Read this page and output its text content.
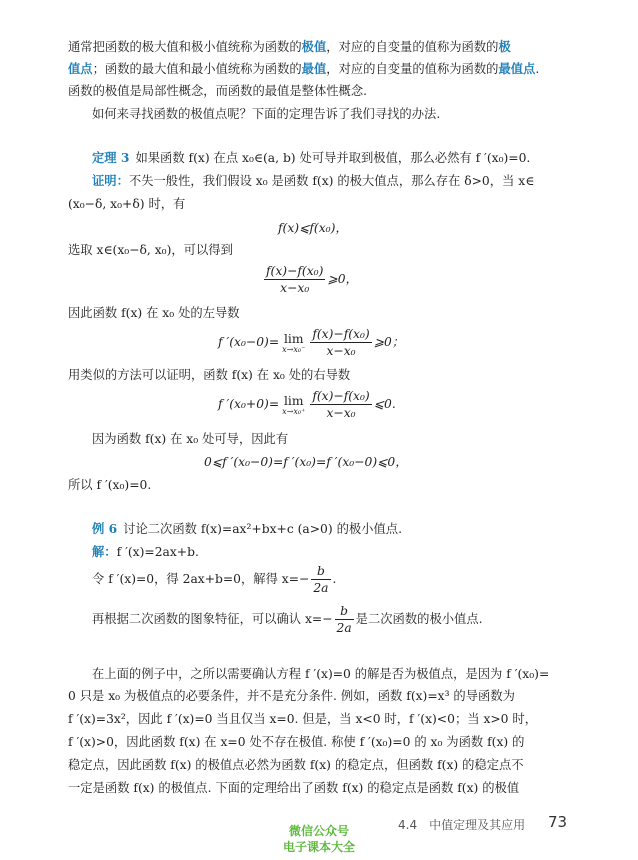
通常把函数的极大值和极小值统称为函数的极值，对应的自变量的值称为函数的极
值点；函数的最大值和最小值统称为函数的最值，对应的自变量的值称为函数的最值点.
函数的极值是局部性概念，而函数的最值是整体性概念.
如何来寻找函数的极值点呢？下面的定理告诉了我们寻找的办法.
定理 3 如果函数 f(x) 在点 x₀∈(a, b) 处可导并取到极值，那么必然有 f ′(x₀)=0.
证明：不失一般性，我们假设 x₀ 是函数 f(x) 的极大值点，那么存在 δ>0，当 x∈
(x₀−δ, x₀+δ) 时，有
f(x)⩽f(x₀)，
选取 x∈(x₀−δ, x₀)，可以得到
$\frac{\text{f(x)−f(x₀)}}{\text{x−x₀}}$ ⩾0，
因此函数 f(x) 在 x₀ 处的左导数
f ′(x₀−0)= lim
$x\to x_0^- \frac{\text{f(x)−f(x₀)}}{\text{x−x₀}}$ ⩾0；
用类似的方法可以证明，函数 f(x) 在 x₀ 处的右导数
f ′(x₀+0)= lim
$x\to x_0^+ \frac{\text{f(x)−f(x₀)}}{\text{x−x₀}}$ ⩽0.
因为函数 f(x) 在 x₀ 处可导，因此有
0⩽f ′(x₀−0)=f ′(x₀)=f ′(x₀−0)⩽0，
所以 f ′(x₀)=0.
例 6 讨论二次函数 f(x)=ax²+bx+c (a>0) 的极小值点.
解：f ′(x)=2ax+b.
令 f ′(x)=0，得 2ax+b=0，解得 $x=- \frac{b}{2a}$ .
再根据二次函数的图象特征，可以确认 $x=- \frac{b}{2a}$ 是二次函数的极小值点.
在上面的例子中，之所以需要确认方程 f ′(x)=0 的解是否为极值点，是因为 f ′(x₀)=
0 只是 x₀ 为极值点的必要条件，并不是充分条件. 例如，函数 f(x)=x³ 的导函数为
f ′(x)=3x²，因此 f ′(x)=0 当且仅当 x=0. 但是，当 x<0 时，f ′(x)<0；当 x>0 时，
f ′(x)>0，因此函数 f(x) 在 x=0 处不存在极值. 称使 f ′(x₀)=0 的 x₀ 为函数 f(x) 的
稳定点，因此函数 f(x) 的极值点必然为函数 f(x) 的稳定点，但函数 f(x) 的稳定点不
一定是函数 f(x) 的极值点. 下面的定理给出了函数 f(x) 的稳定点是函数 f(x) 的极值
4.4　中值定理及其应用 73
微信公众号
电子课本大全
